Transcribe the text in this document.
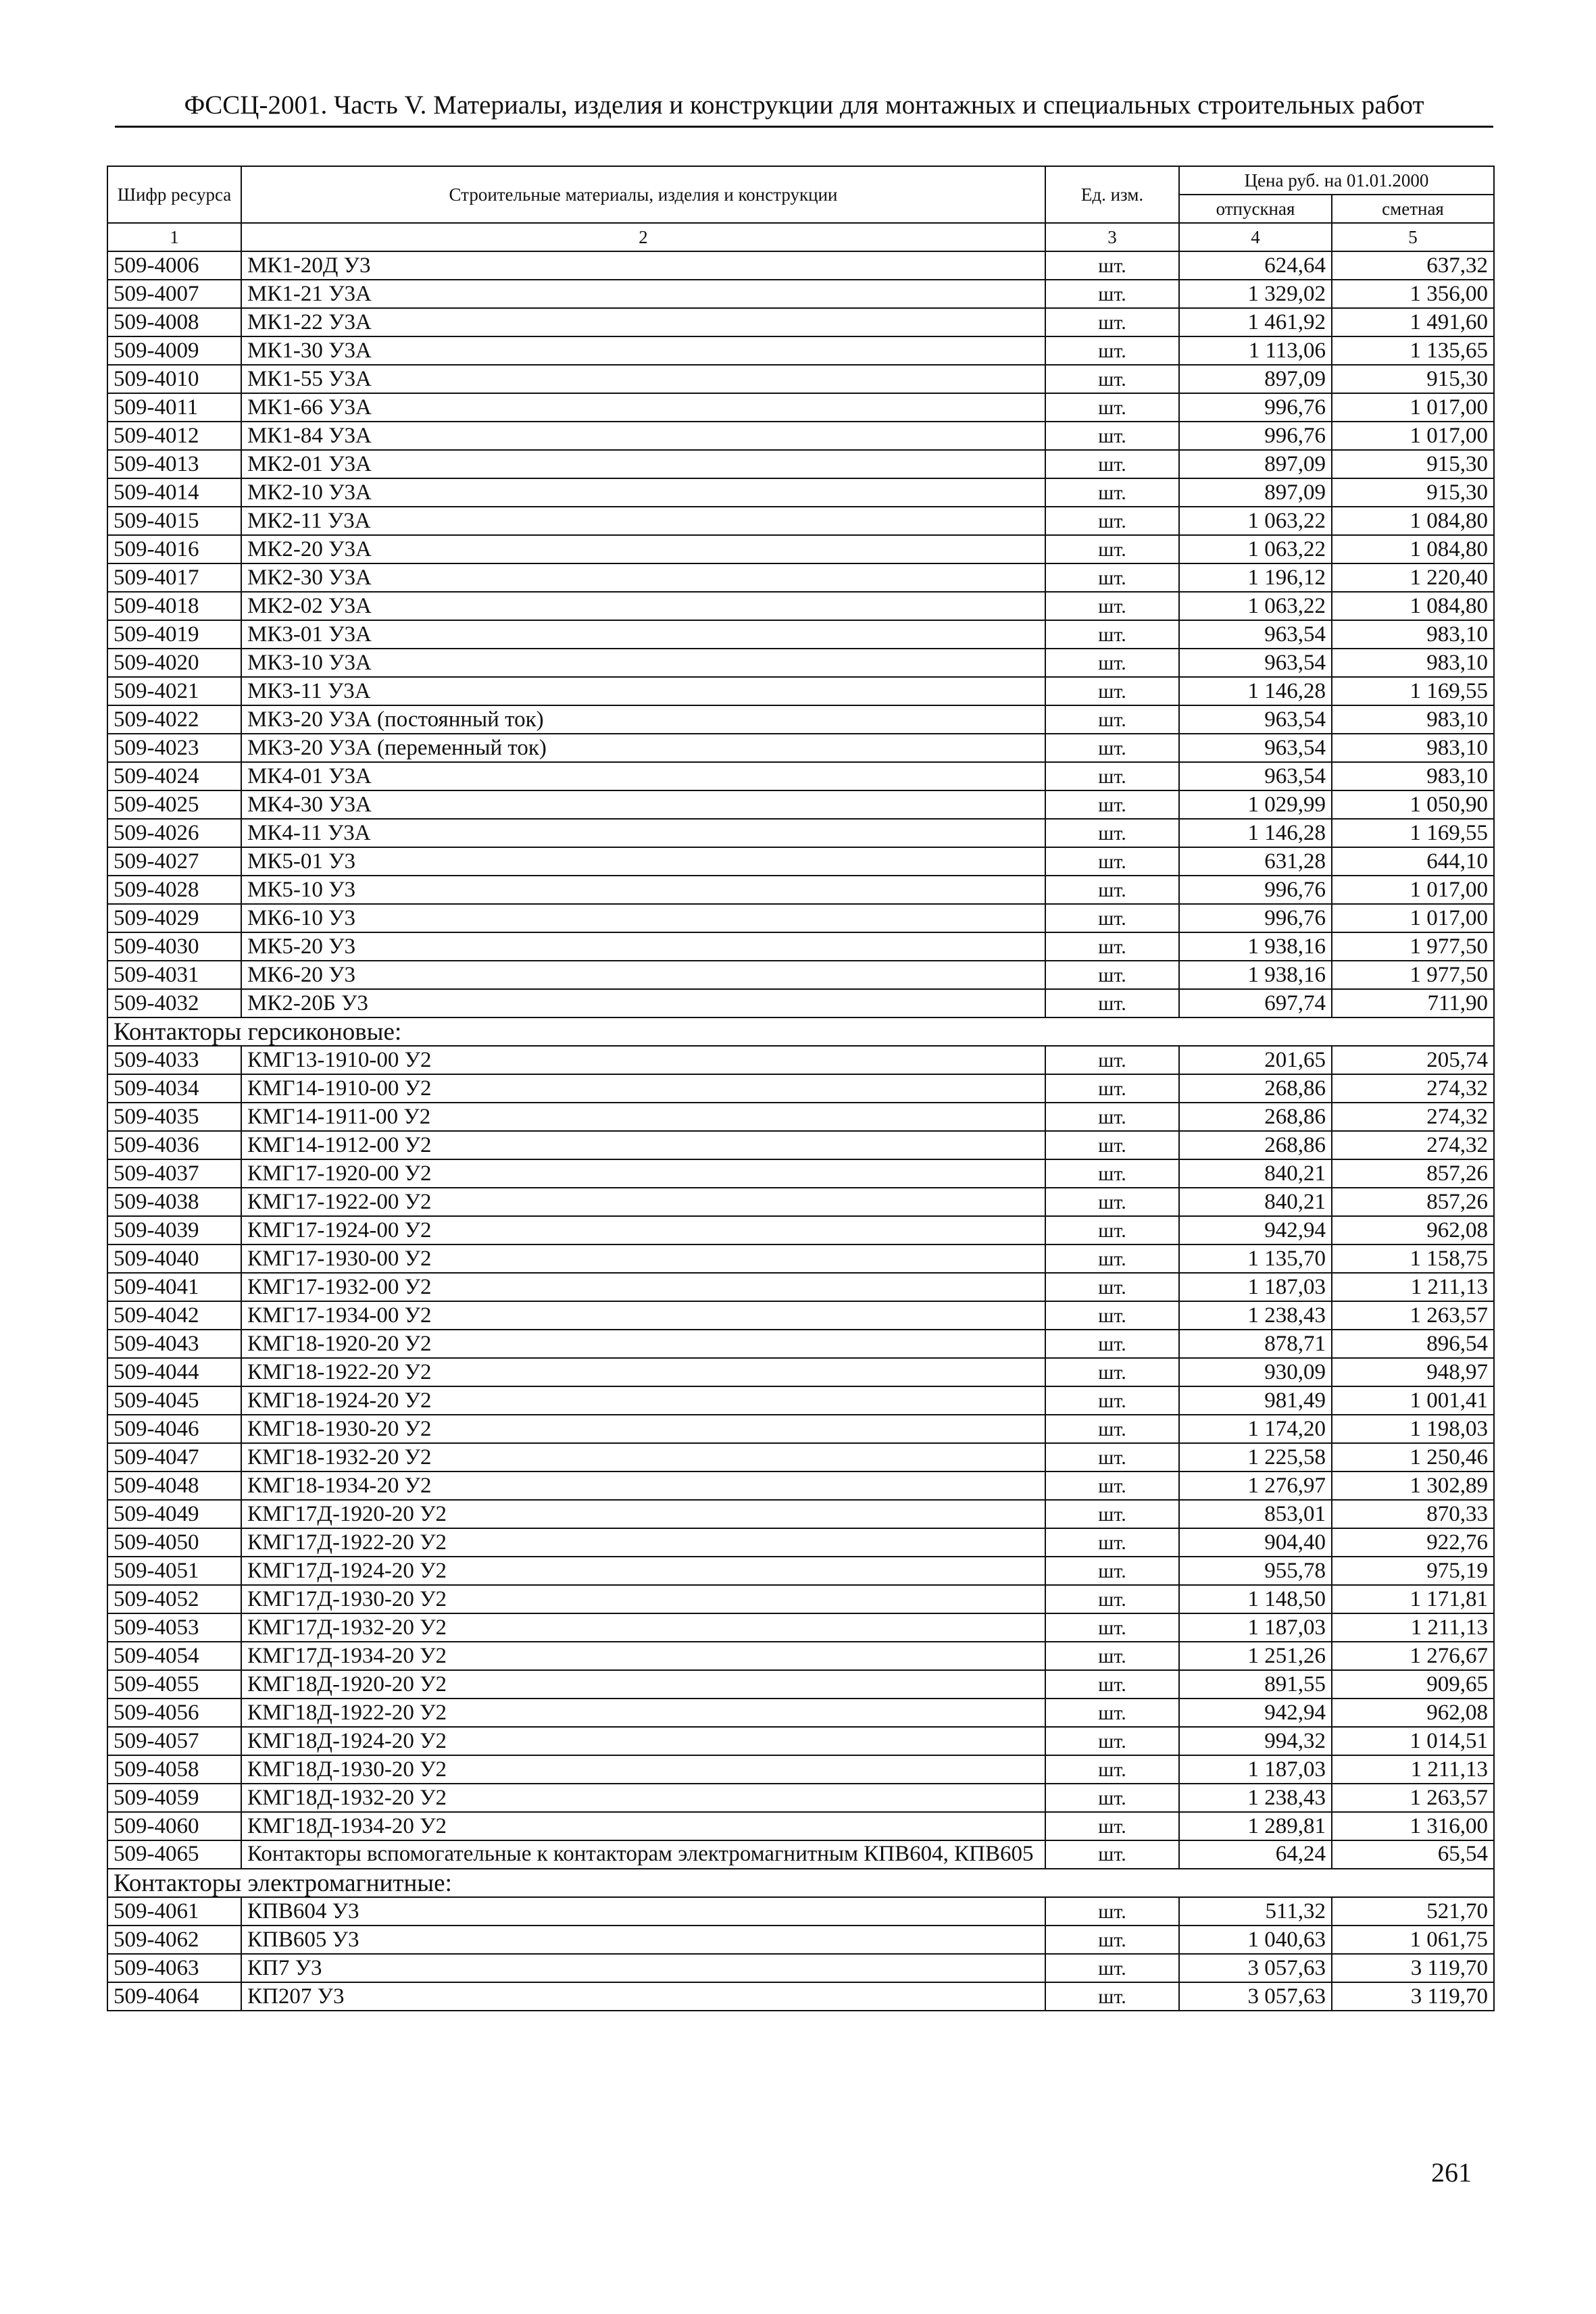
ФССЦ-2001. Часть V. Материалы, изделия и конструкции для монтажных и специальных строительных работ
Шифр ресурса	Строительные материалы, изделия и конструкции	Ед. изм.	Цена руб. на 01.01.2000	
			отпускная	сметная
1	2	3	4	5
509-4006	МК1-20Д У3	шт.	624,64	637,32
509-4007	МК1-21 У3А	шт.	1 329,02	1 356,00
509-4008	МК1-22 У3А	шт.	1 461,92	1 491,60
509-4009	МК1-30 У3А	шт.	1 113,06	1 135,65
509-4010	МК1-55 У3А	шт.	897,09	915,30
509-4011	МК1-66 У3А	шт.	996,76	1 017,00
509-4012	МК1-84 У3А	шт.	996,76	1 017,00
509-4013	МК2-01 У3А	шт.	897,09	915,30
509-4014	МК2-10 У3А	шт.	897,09	915,30
509-4015	МК2-11 У3А	шт.	1 063,22	1 084,80
509-4016	МК2-20 У3А	шт.	1 063,22	1 084,80
509-4017	МК2-30 У3А	шт.	1 196,12	1 220,40
509-4018	МК2-02 У3А	шт.	1 063,22	1 084,80
509-4019	МК3-01 У3А	шт.	963,54	983,10
509-4020	МК3-10 У3А	шт.	963,54	983,10
509-4021	МК3-11 У3А	шт.	1 146,28	1 169,55
509-4022	МК3-20 У3А (постоянный ток)	шт.	963,54	983,10
509-4023	МК3-20 У3А (переменный ток)	шт.	963,54	983,10
509-4024	МК4-01 У3А	шт.	963,54	983,10
509-4025	МК4-30 У3А	шт.	1 029,99	1 050,90
509-4026	МК4-11 У3А	шт.	1 146,28	1 169,55
509-4027	МК5-01 У3	шт.	631,28	644,10
509-4028	МК5-10 У3	шт.	996,76	1 017,00
509-4029	МК6-10 У3	шт.	996,76	1 017,00
509-4030	МК5-20 У3	шт.	1 938,16	1 977,50
509-4031	МК6-20 У3	шт.	1 938,16	1 977,50
509-4032	МК2-20Б У3	шт.	697,74	711,90
Контакторы герсиконовые:				
509-4033	КМГ13-1910-00 У2	шт.	201,65	205,74
509-4034	КМГ14-1910-00 У2	шт.	268,86	274,32
509-4035	КМГ14-1911-00 У2	шт.	268,86	274,32
509-4036	КМГ14-1912-00 У2	шт.	268,86	274,32
509-4037	КМГ17-1920-00 У2	шт.	840,21	857,26
509-4038	КМГ17-1922-00 У2	шт.	840,21	857,26
509-4039	КМГ17-1924-00 У2	шт.	942,94	962,08
509-4040	КМГ17-1930-00 У2	шт.	1 135,70	1 158,75
509-4041	КМГ17-1932-00 У2	шт.	1 187,03	1 211,13
509-4042	КМГ17-1934-00 У2	шт.	1 238,43	1 263,57
509-4043	КМГ18-1920-20 У2	шт.	878,71	896,54
509-4044	КМГ18-1922-20 У2	шт.	930,09	948,97
509-4045	КМГ18-1924-20 У2	шт.	981,49	1 001,41
509-4046	КМГ18-1930-20 У2	шт.	1 174,20	1 198,03
509-4047	КМГ18-1932-20 У2	шт.	1 225,58	1 250,46
509-4048	КМГ18-1934-20 У2	шт.	1 276,97	1 302,89
509-4049	КМГ17Д-1920-20 У2	шт.	853,01	870,33
509-4050	КМГ17Д-1922-20 У2	шт.	904,40	922,76
509-4051	КМГ17Д-1924-20 У2	шт.	955,78	975,19
509-4052	КМГ17Д-1930-20 У2	шт.	1 148,50	1 171,81
509-4053	КМГ17Д-1932-20 У2	шт.	1 187,03	1 211,13
509-4054	КМГ17Д-1934-20 У2	шт.	1 251,26	1 276,67
509-4055	КМГ18Д-1920-20 У2	шт.	891,55	909,65
509-4056	КМГ18Д-1922-20 У2	шт.	942,94	962,08
509-4057	КМГ18Д-1924-20 У2	шт.	994,32	1 014,51
509-4058	КМГ18Д-1930-20 У2	шт.	1 187,03	1 211,13
509-4059	КМГ18Д-1932-20 У2	шт.	1 238,43	1 263,57
509-4060	КМГ18Д-1934-20 У2	шт.	1 289,81	1 316,00
509-4065	Контакторы вспомогательные к контакторам электромагнитным КПВ604, КПВ605	шт.	64,24	65,54
Контакторы электромагнитные:				
509-4061	КПВ604 У3	шт.	511,32	521,70
509-4062	КПВ605 У3	шт.	1 040,63	1 061,75
509-4063	КП7 У3	шт.	3 057,63	3 119,70
509-4064	КП207 У3	шт.	3 057,63	3 119,70
261
